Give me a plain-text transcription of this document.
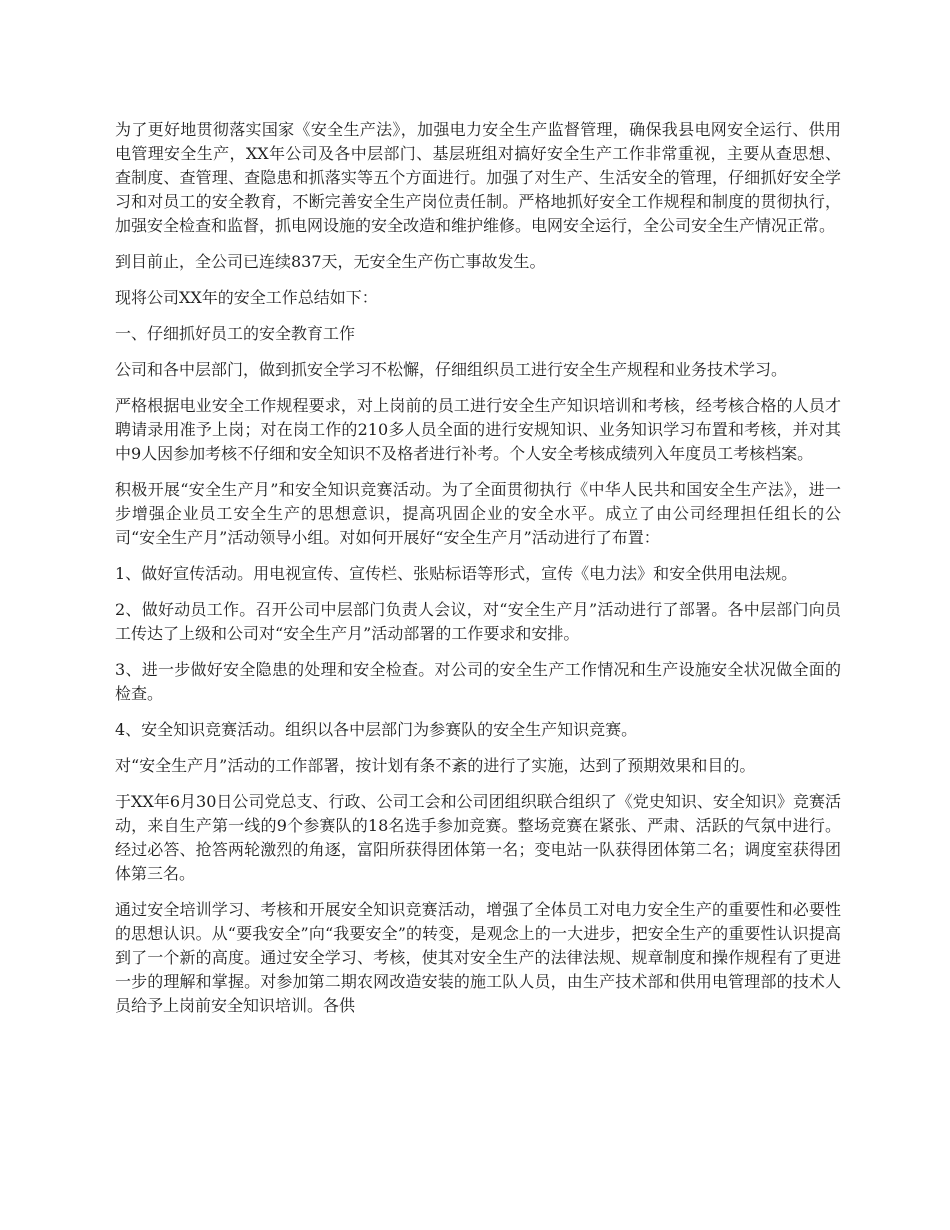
为了更好地贯彻落实国家《安全生产法》，加强电力安全生产监督管理，确保我县电网安全运行、供用电管理安全生产，XX年公司及各中层部门、基层班组对搞好安全生产工作非常重视，主要从查思想、查制度、查管理、查隐患和抓落实等五个方面进行。加强了对生产、生活安全的管理，仔细抓好安全学习和对员工的安全教育，不断完善安全生产岗位责任制。严格地抓好安全工作规程和制度的贯彻执行，加强安全检查和监督，抓电网设施的安全改造和维护维修。电网安全运行，全公司安全生产情况正常。

到目前止，全公司已连续837天，无安全生产伤亡事故发生。

现将公司XX年的安全工作总结如下：

一、仔细抓好员工的安全教育工作

公司和各中层部门，做到抓安全学习不松懈，仔细组织员工进行安全生产规程和业务技术学习。

严格根据电业安全工作规程要求，对上岗前的员工进行安全生产知识培训和考核，经考核合格的人员才聘请录用准予上岗；对在岗工作的210多人员全面的进行安规知识、业务知识学习布置和考核，并对其中9人因参加考核不仔细和安全知识不及格者进行补考。个人安全考核成绩列入年度员工考核档案。

积极开展“安全生产月”和安全知识竞赛活动。为了全面贯彻执行《中华人民共和国安全生产法》，进一步增强企业员工安全生产的思想意识，提高巩固企业的安全水平。成立了由公司经理担任组长的公司“安全生产月”活动领导小组。对如何开展好“安全生产月”活动进行了布置：

1、做好宣传活动。用电视宣传、宣传栏、张贴标语等形式，宣传《电力法》和安全供用电法规。

2、做好动员工作。召开公司中层部门负责人会议，对“安全生产月”活动进行了部署。各中层部门向员工传达了上级和公司对“安全生产月”活动部署的工作要求和安排。

3、进一步做好安全隐患的处理和安全检查。对公司的安全生产工作情况和生产设施安全状况做全面的检查。

4、安全知识竞赛活动。组织以各中层部门为参赛队的安全生产知识竞赛。

对“安全生产月”活动的工作部署，按计划有条不紊的进行了实施，达到了预期效果和目的。

于XX年6月30日公司党总支、行政、公司工会和公司团组织联合组织了《党史知识、安全知识》竞赛活动，来自生产第一线的9个参赛队的18名选手参加竞赛。整场竞赛在紧张、严肃、活跃的气氛中进行。经过必答、抢答两轮激烈的角逐，富阳所获得团体第一名；变电站一队获得团体第二名；调度室获得团体第三名。

通过安全培训学习、考核和开展安全知识竞赛活动，增强了全体员工对电力安全生产的重要性和必要性的思想认识。从“要我安全”向“我要安全”的转变，是观念上的一大进步，把安全生产的重要性认识提高到了一个新的高度。通过安全学习、考核，使其对安全生产的法律法规、规章制度和操作规程有了更进一步的理解和掌握。对参加第二期农网改造安装的施工队人员，由生产技术部和供用电管理部的技术人员给予上岗前安全知识培训。各供
